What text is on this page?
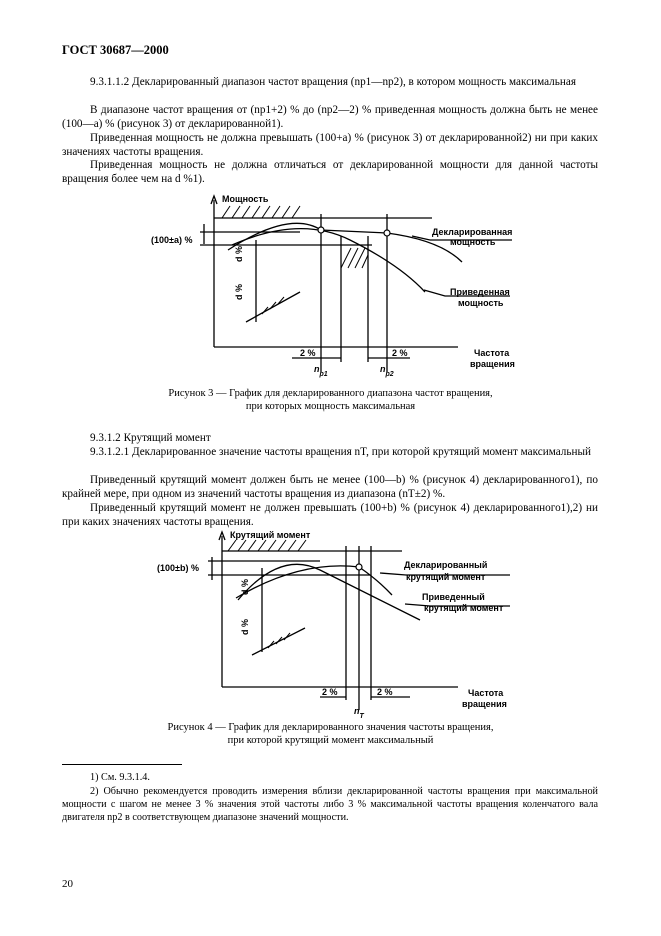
ГОСТ 30687—2000
9.3.1.1.2 Декларированный диапазон частот вращения (np1—np2), в котором мощность максимальная
В диапазоне частот вращения от (np1+2) % до (np2—2) % приведенная мощность должна быть не менее (100—a) % (рисунок 3) от декларированной1).
Приведенная мощность не должна превышать (100+a) % (рисунок 3) от декларированной2) ни при каких значениях частоты вращения.
Приведенная мощность не должна отличаться от декларированной мощности для данной частоты вращения более чем на d %1).
Мощность
(100±a) %
d %
d %
Декларированная
мощность
Приведенная
мощность
2 %	2 %	Частота
вращения
$n_{p1}$
$n_{p2}$
Рисунок 3 — График для декларированного диапазона частот вращения,
при которых мощность максимальная
9.3.1.2 Крутящий момент
9.3.1.2.1 Декларированное значение частоты вращения nT, при которой крутящий момент максимальный
Приведенный крутящий момент должен быть не менее (100—b) % (рисунок 4) декларированного1), по крайней мере, при одном из значений частоты вращения из диапазона (nT±2) %.
Приведенный крутящий момент не должен превышать (100+b) % (рисунок 4) декларированного1),2) ни при каких значениях частоты вращения.
Крутящий момент
(100±b) %
d %
d %
Декларированный
крутящий момент
Приведенный
крутящий момент
2 %	2 %	Частота
вращения
$n_T$
Рисунок 4 — График для декларированного значения частоты вращения,
при которой крутящий момент максимальный
1) См. 9.3.1.4.
2) Обычно рекомендуется проводить измерения вблизи декларированной частоты вращения при максимальной мощности с шагом не менее 3 % значения этой частоты либо 3 % максимальной частоты вращения коленчатого вала двигателя np2 в соответствующем диапазоне значений мощности.
20
